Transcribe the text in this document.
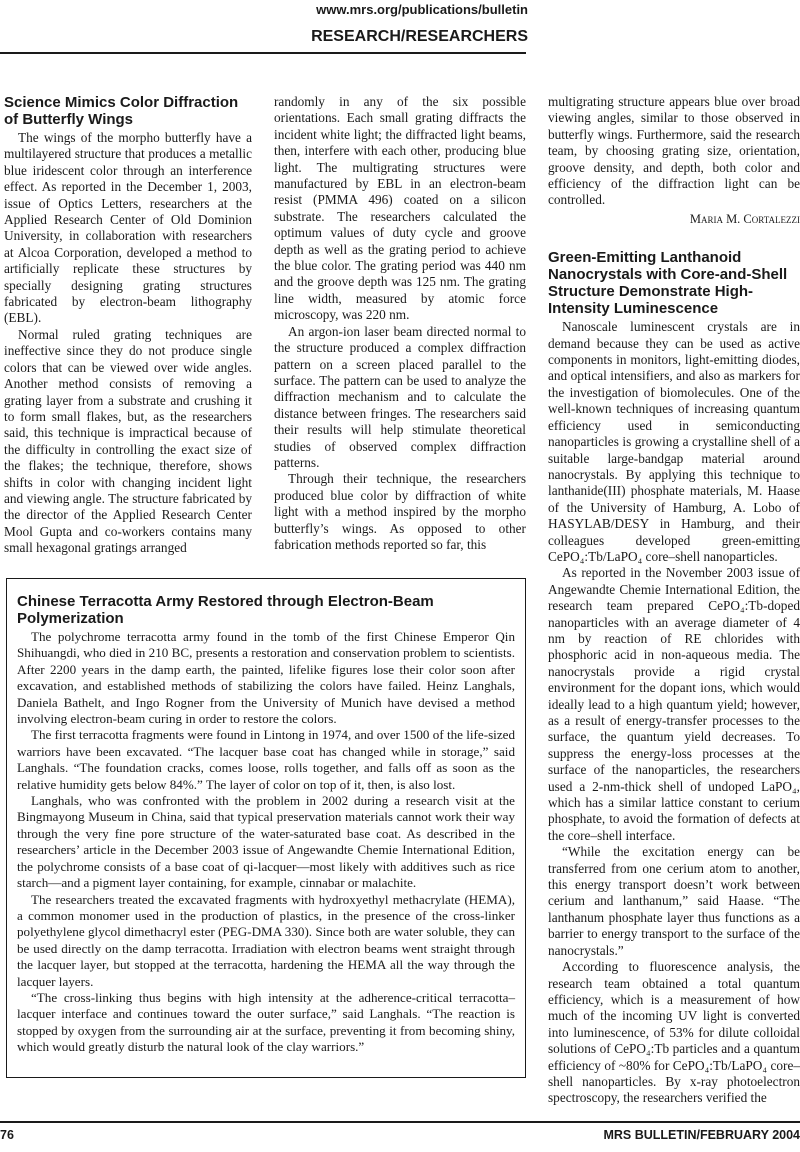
www.mrs.org/publications/bulletin
RESEARCH/RESEARCHERS
Science Mimics Color Diffraction of Butterfly Wings

The wings of the morpho butterfly have a multilayered structure that produces a metallic blue iridescent color through an interference effect. As reported in the December 1, 2003, issue of Optics Letters, researchers at the Applied Research Center of Old Dominion University, in collaboration with researchers at Alcoa Corporation, developed a method to artificially replicate these structures by specially designing grating structures fabricated by electron-beam lithography (EBL).

Normal ruled grating techniques are ineffective since they do not produce single colors that can be viewed over wide angles. Another method consists of removing a grating layer from a substrate and crushing it to form small flakes, but, as the researchers said, this technique is impractical because of the difficulty in controlling the exact size of the flakes; the technique, therefore, shows shifts in color with changing incident light and viewing angle. The structure fabricated by the director of the Applied Research Center Mool Gupta and co-workers contains many small hexagonal gratings arranged

randomly in any of the six possible orientations. Each small grating diffracts the incident white light; the diffracted light beams, then, interfere with each other, producing blue light. The multigrating structures were manufactured by EBL in an electron-beam resist (PMMA 496) coated on a silicon substrate. The researchers calculated the optimum values of duty cycle and groove depth as well as the grating period to achieve the blue color. The grating period was 440 nm and the groove depth was 125 nm. The grating line width, measured by atomic force microscopy, was 220 nm.

An argon-ion laser beam directed normal to the structure produced a complex diffraction pattern on a screen placed parallel to the surface. The pattern can be used to analyze the diffraction mechanism and to calculate the distance between fringes. The researchers said their results will help stimulate theoretical studies of observed complex diffraction patterns.

Through their technique, the researchers produced blue color by diffraction of white light with a method inspired by the morpho butterfly’s wings. As opposed to other fabrication methods reported so far, this

multigrating structure appears blue over broad viewing angles, similar to those observed in butterfly wings. Furthermore, said the research team, by choosing grating size, orientation, groove density, and depth, both color and efficiency of the diffraction light can be controlled.

Maria M. Cortalezzi
Green-Emitting Lanthanoid Nanocrystals with Core-and-Shell Structure Demonstrate High-Intensity Luminescence

Nanoscale luminescent crystals are in demand because they can be used as active components in monitors, light-emitting diodes, and optical intensifiers, and also as markers for the investigation of biomolecules. One of the well-known techniques of increasing quantum efficiency used in semiconducting nanoparticles is growing a crystalline shell of a suitable large-bandgap material around nanocrystals. By applying this technique to lanthanide(III) phosphate materials, M. Haase of the University of Hamburg, A. Lobo of HASYLAB/DESY in Hamburg, and their colleagues developed green-emitting CePO₄:Tb/LaPO₄ core–shell nanoparticles.

As reported in the November 2003 issue of Angewandte Chemie International Edition, the research team prepared CePO₄:Tb-doped nanoparticles with an average diameter of 4 nm by reaction of RE chlorides with phosphoric acid in non-aqueous media. The nanocrystals provide a rigid crystal environment for the dopant ions, which would ideally lead to a high quantum yield; however, as a result of energy-transfer processes to the surface, the quantum yield decreases. To suppress the energy-loss processes at the surface of the nanoparticles, the researchers used a 2-nm-thick shell of undoped LaPO₄, which has a similar lattice constant to cerium phosphate, to avoid the formation of defects at the core–shell interface.

“While the excitation energy can be transferred from one cerium atom to another, this energy transport doesn’t work between cerium and lanthanum,” said Haase. “The lanthanum phosphate layer thus functions as a barrier to energy transport to the surface of the nanocrystals.”

According to fluorescence analysis, the research team obtained a total quantum efficiency, which is a measurement of how much of the incoming UV light is converted into luminescence, of 53% for dilute colloidal solutions of CePO₄:Tb particles and a quantum efficiency of ~80% for CePO₄:Tb/LaPO₄ core–shell nanoparticles. By x-ray photoelectron spectroscopy, the researchers verified the

Chinese Terracotta Army Restored through Electron-Beam Polymerization

The polychrome terracotta army found in the tomb of the first Chinese Emperor Qin Shihuangdi, who died in 210 BC, presents a restoration and conservation problem to scientists. After 2200 years in the damp earth, the painted, lifelike figures lose their color soon after excavation, and established methods of stabilizing the colors have failed. Heinz Langhals, Daniela Bathelt, and Ingo Rogner from the University of Munich have devised a method involving electron-beam curing in order to restore the colors.

The first terracotta fragments were found in Lintong in 1974, and over 1500 of the life-sized warriors have been excavated. “The lacquer base coat has changed while in storage,” said Langhals. “The foundation cracks, comes loose, rolls together, and falls off as soon as the relative humidity gets below 84%.” The layer of color on top of it, then, is also lost.

Langhals, who was confronted with the problem in 2002 during a research visit at the Bingmayong Museum in China, said that typical preservation materials cannot work their way through the very fine pore structure of the water-saturated base coat. As described in the researchers’ article in the December 2003 issue of Angewandte Chemie International Edition, the polychrome consists of a base coat of qi-lacquer—most likely with additives such as rice starch—and a pigment layer containing, for example, cinnabar or malachite.

The researchers treated the excavated fragments with hydroxyethyl methacrylate (HEMA), a common monomer used in the production of plastics, in the presence of the cross-linker polyethylene glycol dimethacryl ester (PEG-DMA 330). Since both are water soluble, they can be used directly on the damp terracotta. Irradiation with electron beams went straight through the lacquer layer, but stopped at the terracotta, hardening the HEMA all the way through the lacquer layers.

“The cross-linking thus begins with high intensity at the adherence-critical terracotta–lacquer interface and continues toward the outer surface,” said Langhals. “The reaction is stopped by oxygen from the surrounding air at the surface, preventing it from becoming shiny, which would greatly disturb the natural look of the clay warriors.”

76	MRS BULLETIN/FEBRUARY 2004
